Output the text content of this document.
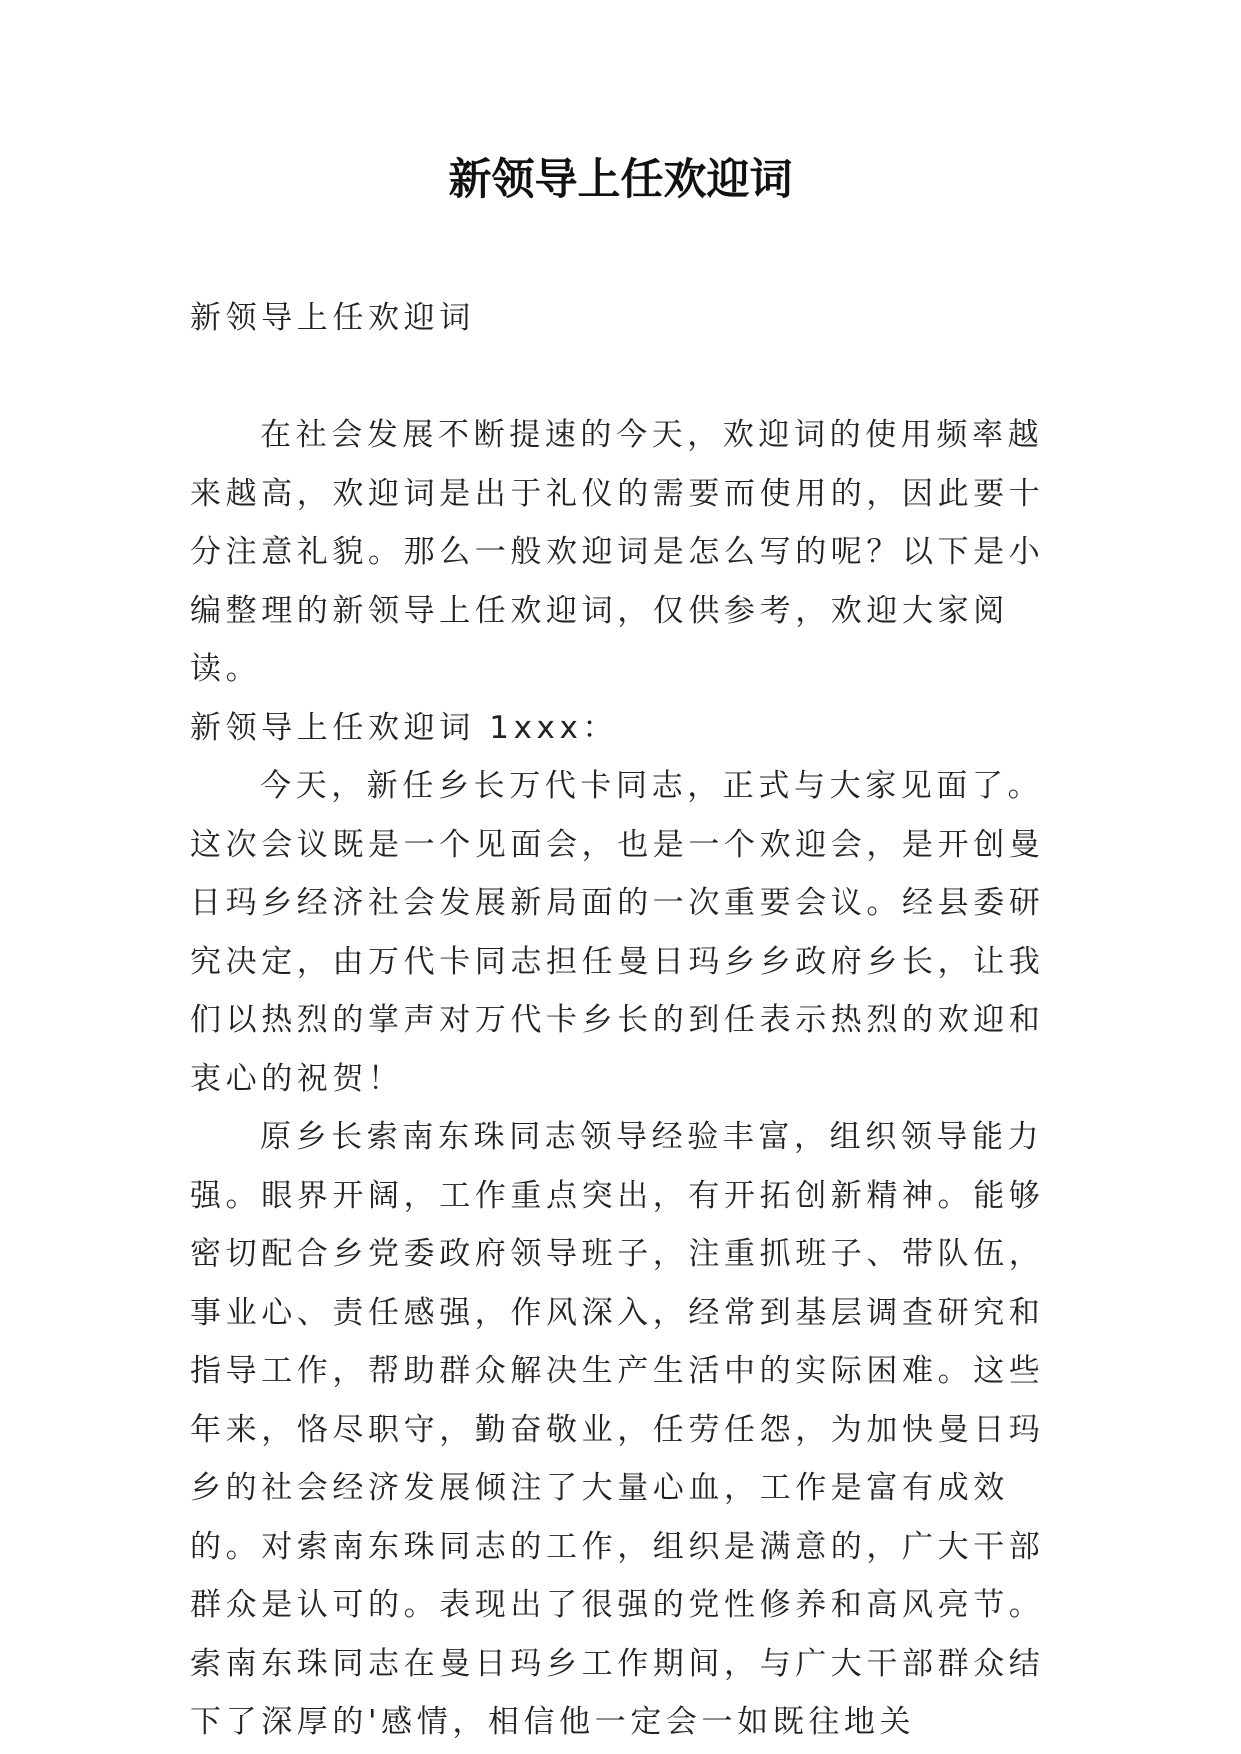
新领导上任欢迎词

新领导上任欢迎词

在社会发展不断提速的今天，欢迎词的使用频率越来越高，欢迎词是出于礼仪的需要而使用的，因此要十分注意礼貌。那么一般欢迎词是怎么写的呢？以下是小编整理的新领导上任欢迎词，仅供参考，欢迎大家阅读。

新领导上任欢迎词 1xxx：

今天，新任乡长万代卡同志，正式与大家见面了。这次会议既是一个见面会，也是一个欢迎会，是开创曼日玛乡经济社会发展新局面的一次重要会议。经县委研究决定，由万代卡同志担任曼日玛乡乡政府乡长，让我们以热烈的掌声对万代卡乡长的到任表示热烈的欢迎和衷心的祝贺！

原乡长索南东珠同志领导经验丰富，组织领导能力强。眼界开阔，工作重点突出，有开拓创新精神。能够密切配合乡党委政府领导班子，注重抓班子、带队伍，事业心、责任感强，作风深入，经常到基层调查研究和指导工作，帮助群众解决生产生活中的实际困难。这些年来，恪尽职守，勤奋敬业，任劳任怨，为加快曼日玛乡的社会经济发展倾注了大量心血，工作是富有成效的。对索南东珠同志的工作，组织是满意的，广大干部群众是认可的。表现出了很强的党性修养和高风亮节。索南东珠同志在曼日玛乡工作期间，与广大干部群众结下了深厚的'感情，相信他一定会一如既往地关
